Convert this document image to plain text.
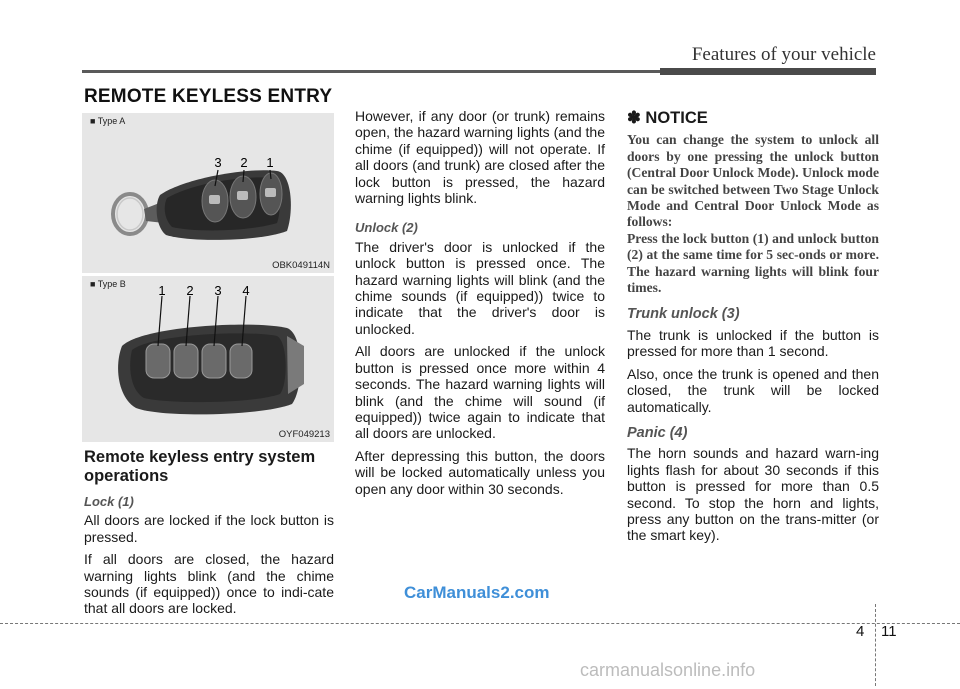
Features of your vehicle
REMOTE KEYLESS ENTRY
3 2 1
■ Type A
OBK049114N
1 2 3 4
■ Type B
OYF049213
Remote keyless entry system operations
Lock (1)

All doors are locked if the lock button is pressed.

If all doors are closed, the hazard warning lights blink (and the chime sounds (if equipped)) once to indi-cate that all doors are locked.

However, if any door (or trunk) remains open, the hazard warning lights (and the chime (if equipped)) will not operate. If all doors (and trunk) are closed after the lock button is pressed, the hazard warning lights blink.

Unlock (2)

The driver's door is unlocked if the unlock button is pressed once. The hazard warning lights will blink (and the chime sounds (if equipped)) twice to indicate that the driver's door is unlocked.

All doors are unlocked if the unlock button is pressed once more within 4 seconds. The hazard warning lights will blink (and the chime will sound (if equipped)) twice again to indicate that all doors are unlocked.

After depressing this button, the doors will be locked automatically unless you open any door within 30 seconds.

✽ NOTICE

You can change the system to unlock all doors by one pressing the unlock button (Central Door Unlock Mode). Unlock mode can be switched between Two Stage Unlock Mode and Central Door Unlock Mode as follows:

Press the lock button (1) and unlock button (2) at the same time for 5 sec-onds or more. The hazard warning lights will blink four times.

Trunk unlock (3)

The trunk is unlocked if the button is pressed for more than 1 second.

Also, once the trunk is opened and then closed, the trunk will be locked automatically.

Panic (4)

The horn sounds and hazard warn-ing lights flash for about 30 seconds if this button is pressed for more than 0.5 second. To stop the horn and lights, press any button on the trans-mitter (or the smart key).

CarManuals2.com
4 11
carmanualsonline.info
